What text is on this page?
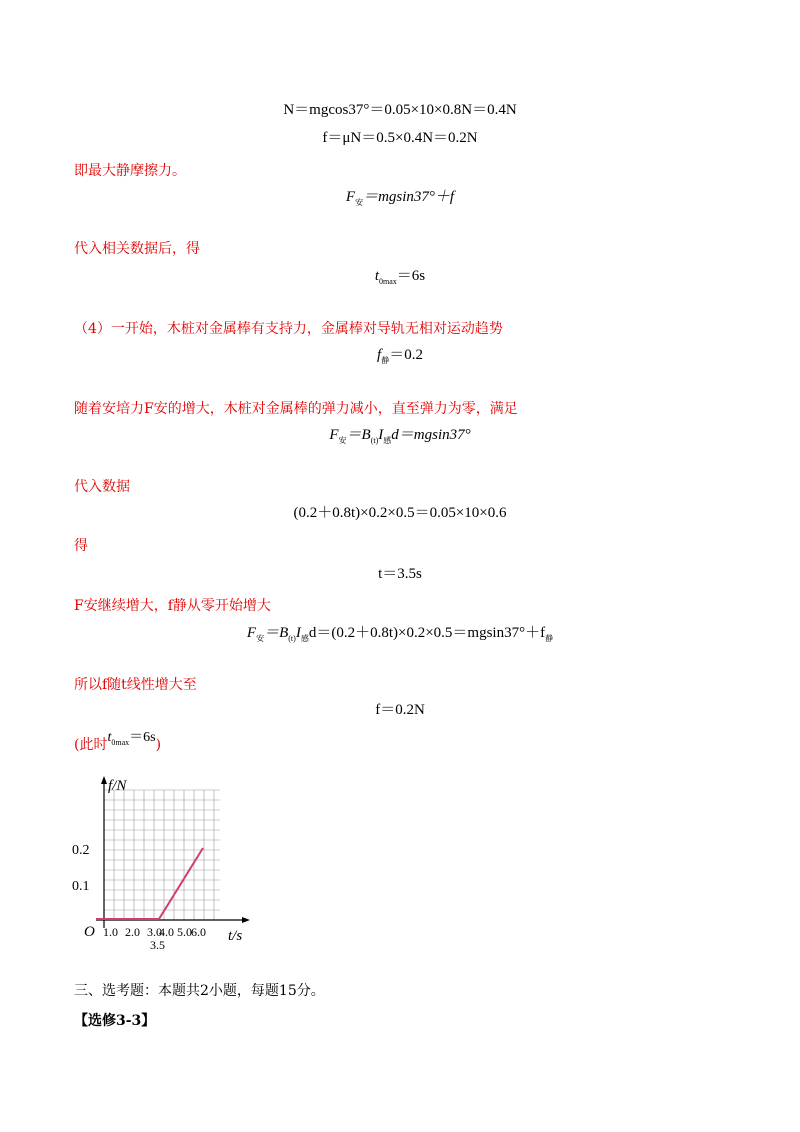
N＝mgcos37°＝0.05×10×0.8N＝0.4N
f＝μN＝0.5×0.4N＝0.2N
即最大静摩擦力。
$F_安=mgsin37^\circ+f$
代入相关数据后，得
$t_{0max}=6s$
（4）一开始，木桩对金属棒有支持力，金属棒对导轨无相对运动趋势
$f_静=0.2$
随着安培力F安的增大，木桩对金属棒的弹力减小，直至弹力为零，满足
$F_安=B_{(t)}I_感d=mgsin37^\circ$
代入数据
(0.2＋0.8t)×0.2×0.5＝0.05×10×0.6
得
t＝3.5s
F安继续增大，f静从零开始增大
$F_安=B_{(t)}I_感d=(0.2+0.8t)\times 0.2\times 0.5=mgsin37^\circ+f_静$
所以f随t线性增大至
f＝0.2N
(此时$t_{0max}=6s$)
f/N
t/s
O
0.2
0.1
1.0 2.0 3.0
4.0 5.0 6.0
3.5
三、选考题：本题共2小题，每题15分。
【选修3-3】
